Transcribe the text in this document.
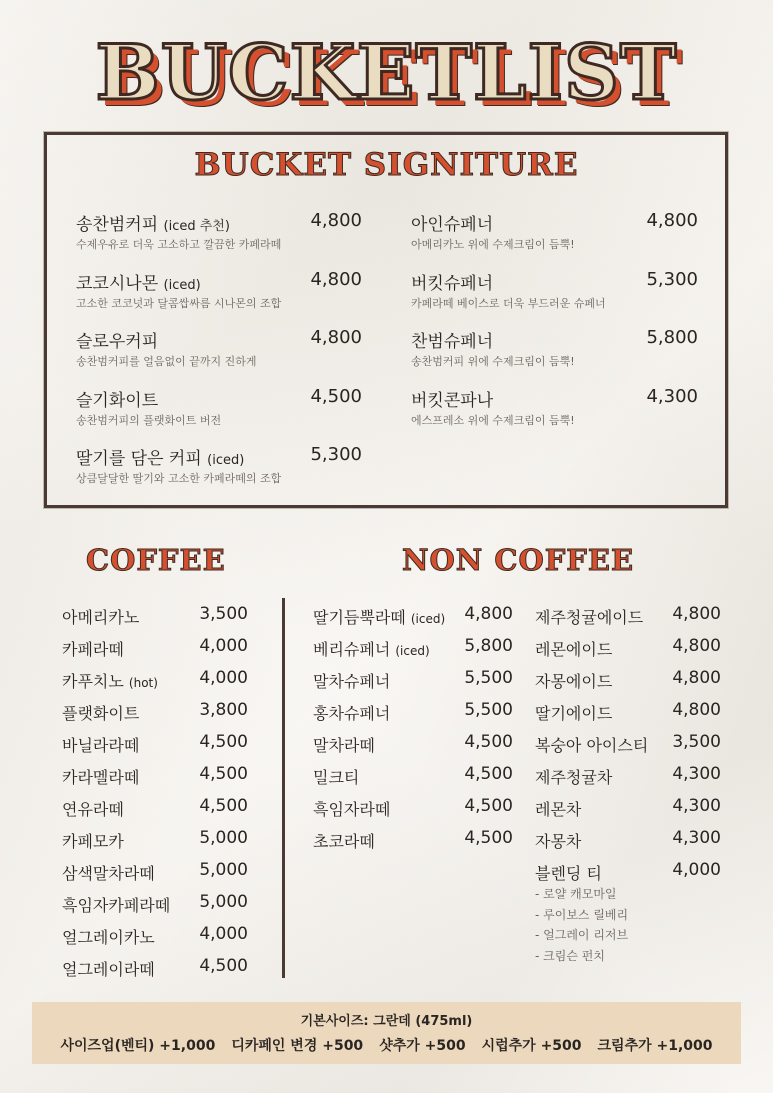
BUCKETLIST
BUCKET SIGNITURE
송찬범커피 (iced 추천)	4,800
수제우유로 더욱 고소하고 깔끔한 카페라떼
코코시나몬 (iced)	4,800
고소한 코코넛과 달콤쌉싸름 시나몬의 조합
슬로우커피	4,800
송찬범커피를 얼음없이 끝까지 진하게
슬기화이트	4,500
송찬범커피의 플랫화이트 버전
딸기를 담은 커피 (iced)	5,300
상큼달달한 딸기와 고소한 카페라떼의 조합
아인슈페너	4,800
아메리카노 위에 수제크림이 듬뿍!
버킷슈페너	5,300
카페라떼 베이스로 더욱 부드러운 슈페너
찬범슈페너	5,800
송찬범커피 위에 수제크림이 듬뿍!
버킷콘파나	4,300
에스프레소 위에 수제크림이 듬뿍!
COFFEE	NON COFFEE
아메리카노	3,500
카페라떼	4,000
카푸치노 (hot)	4,000
플랫화이트	3,800
바닐라라떼	4,500
카라멜라떼	4,500
연유라떼	4,500
카페모카	5,000
삼색말차라떼	5,000
흑임자카페라떼	5,000
얼그레이카노	4,000
얼그레이라떼	4,500
딸기듬뿍라떼 (iced)	4,800
베리슈페너 (iced)	5,800
말차슈페너	5,500
홍차슈페너	5,500
말차라떼	4,500
밀크티	4,500
흑임자라떼	4,500
초코라떼	4,500
제주청귤에이드	4,800
레몬에이드	4,800
자몽에이드	4,800
딸기에이드	4,800
복숭아 아이스티	3,500
제주청귤차	4,300
레몬차	4,300
자몽차	4,300
블렌딩 티	4,000
- 로얄 캐모마일
- 루이보스 릴베리
- 얼그레이 리저브
- 크림슨 펀치
기본사이즈: 그란데 (475ml)
사이즈업(벤티) +1,000 디카페인 변경 +500 샷추가 +500 시럽추가 +500 크림추가 +1,000
